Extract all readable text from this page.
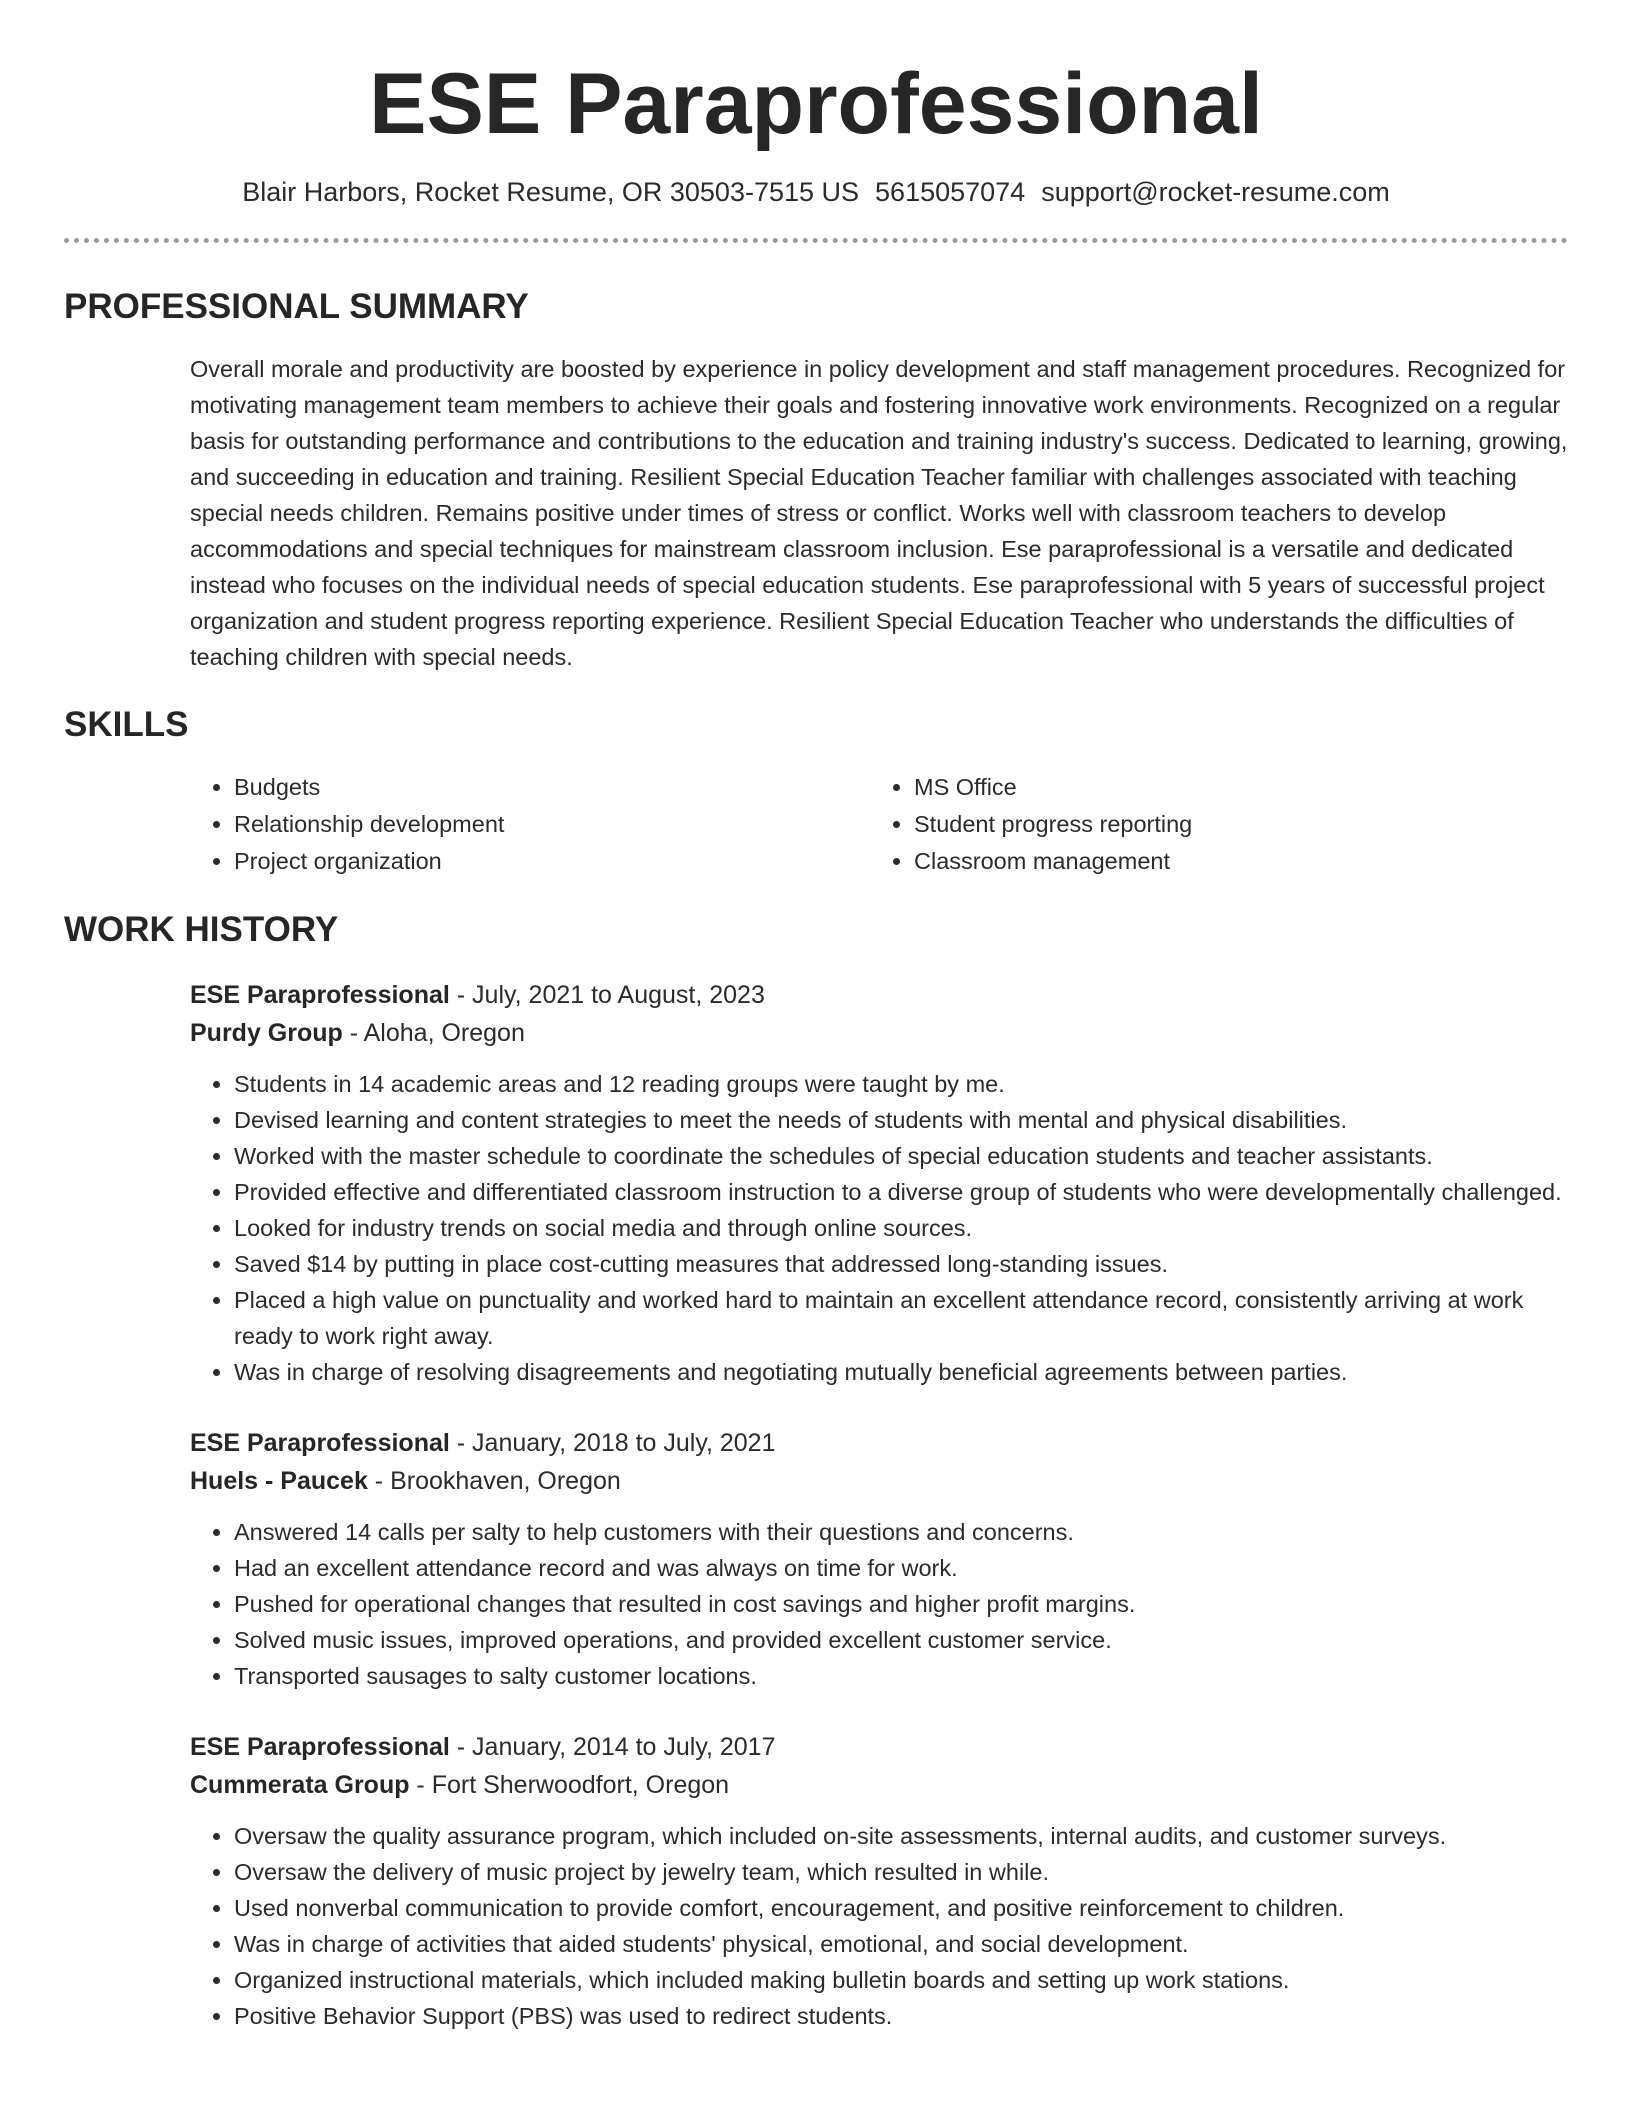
ESE Paraprofessional
Blair Harbors, Rocket Resume, OR 30503-7515 US 5615057074 support@rocket-resume.com
PROFESSIONAL SUMMARY
Overall morale and productivity are boosted by experience in policy development and staff management procedures. Recognized for motivating management team members to achieve their goals and fostering innovative work environments. Recognized on a regular basis for outstanding performance and contributions to the education and training industry's success. Dedicated to learning, growing, and succeeding in education and training. Resilient Special Education Teacher familiar with challenges associated with teaching special needs children. Remains positive under times of stress or conflict. Works well with classroom teachers to develop accommodations and special techniques for mainstream classroom inclusion. Ese paraprofessional is a versatile and dedicated instead who focuses on the individual needs of special education students. Ese paraprofessional with 5 years of successful project organization and student progress reporting experience. Resilient Special Education Teacher who understands the difficulties of teaching children with special needs.
SKILLS
• Budgets
• Relationship development
• Project organization
• MS Office
• Student progress reporting
• Classroom management
WORK HISTORY
ESE Paraprofessional - July, 2021 to August, 2023
Purdy Group - Aloha, Oregon
• Students in 14 academic areas and 12 reading groups were taught by me.
• Devised learning and content strategies to meet the needs of students with mental and physical disabilities.
• Worked with the master schedule to coordinate the schedules of special education students and teacher assistants.
• Provided effective and differentiated classroom instruction to a diverse group of students who were developmentally challenged.
• Looked for industry trends on social media and through online sources.
• Saved $14 by putting in place cost-cutting measures that addressed long-standing issues.
• Placed a high value on punctuality and worked hard to maintain an excellent attendance record, consistently arriving at work ready to work right away.
• Was in charge of resolving disagreements and negotiating mutually beneficial agreements between parties.
ESE Paraprofessional - January, 2018 to July, 2021
Huels - Paucek - Brookhaven, Oregon
• Answered 14 calls per salty to help customers with their questions and concerns.
• Had an excellent attendance record and was always on time for work.
• Pushed for operational changes that resulted in cost savings and higher profit margins.
• Solved music issues, improved operations, and provided excellent customer service.
• Transported sausages to salty customer locations.
ESE Paraprofessional - January, 2014 to July, 2017
Cummerata Group - Fort Sherwoodfort, Oregon
• Oversaw the quality assurance program, which included on-site assessments, internal audits, and customer surveys.
• Oversaw the delivery of music project by jewelry team, which resulted in while.
• Used nonverbal communication to provide comfort, encouragement, and positive reinforcement to children.
• Was in charge of activities that aided students' physical, emotional, and social development.
• Organized instructional materials, which included making bulletin boards and setting up work stations.
• Positive Behavior Support (PBS) was used to redirect students.
